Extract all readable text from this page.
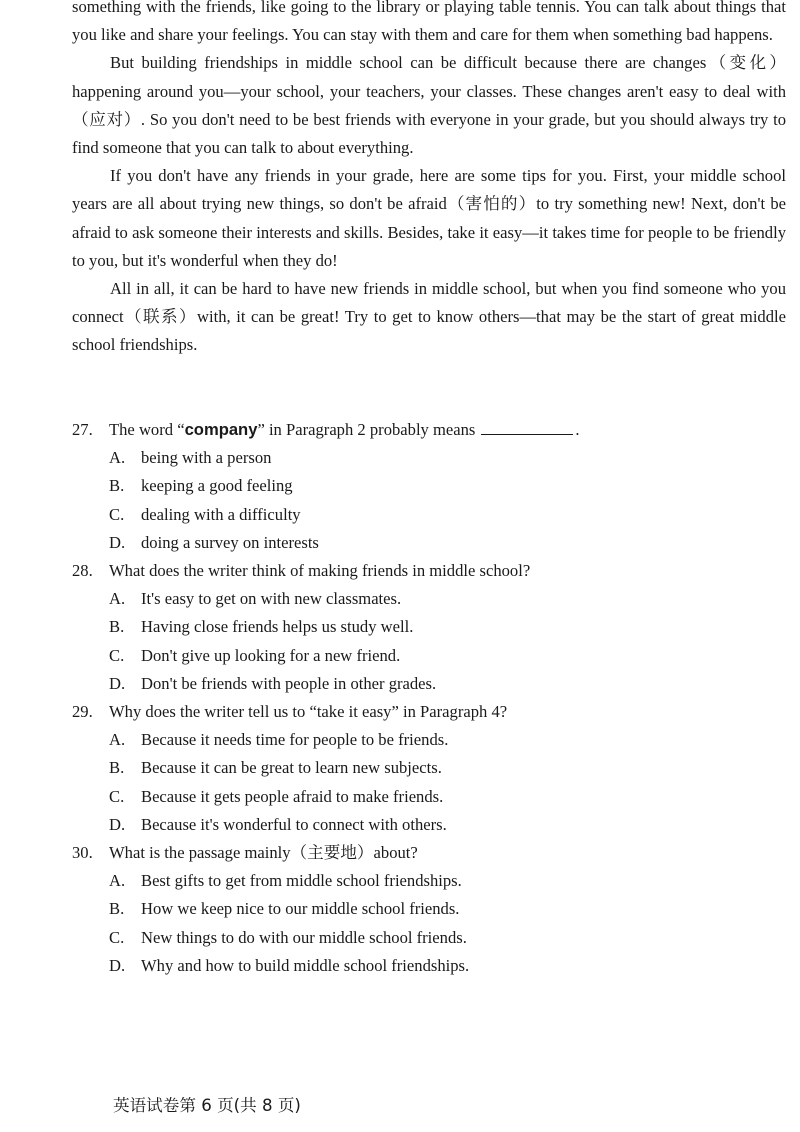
something with the friends, like going to the library or playing table tennis. You can talk about things that you like and share your feelings. You can stay with them and care for them when something bad happens.

But building friendships in middle school can be difficult because there are changes（变化）happening around you—your school, your teachers, your classes. These changes aren't easy to deal with（应对）. So you don't need to be best friends with everyone in your grade, but you should always try to find someone that you can talk to about everything.

If you don't have any friends in your grade, here are some tips for you. First, your middle school years are all about trying new things, so don't be afraid（害怕的）to try something new! Next, don't be afraid to ask someone their interests and skills. Besides, take it easy—it takes time for people to be friendly to you, but it's wonderful when they do!

All in all, it can be hard to have new friends in middle school, but when you find someone who you connect（联系）with, it can be great! Try to get to know others—that may be the start of great middle school friendships.

27. The word “company” in Paragraph 2 probably means	.
A. being with a person
B.	keeping a good feeling
C.	dealing with a difficulty
D. doing a survey on interests
28. What does the writer think of making friends in middle school?
A. It's easy to get on with new classmates.
B.	Having close friends helps us study well.
C.	Don't give up looking for a new friend.
D. Don't be friends with people in other grades.
29. Why does the writer tell us to “take it easy” in Paragraph 4?
A. Because it needs time for people to be friends.
B.	Because it can be great to learn new subjects.
C.	Because it gets people afraid to make friends.
D. Because it's wonderful to connect with others.
30. What is the passage mainly（主要地）about?
A. Best gifts to get from middle school friendships.
B.	How we keep nice to our middle school friends.
C.	New things to do with our middle school friends.
D. Why and how to build middle school friendships.
英语试卷第 6 页(共 8 页)
